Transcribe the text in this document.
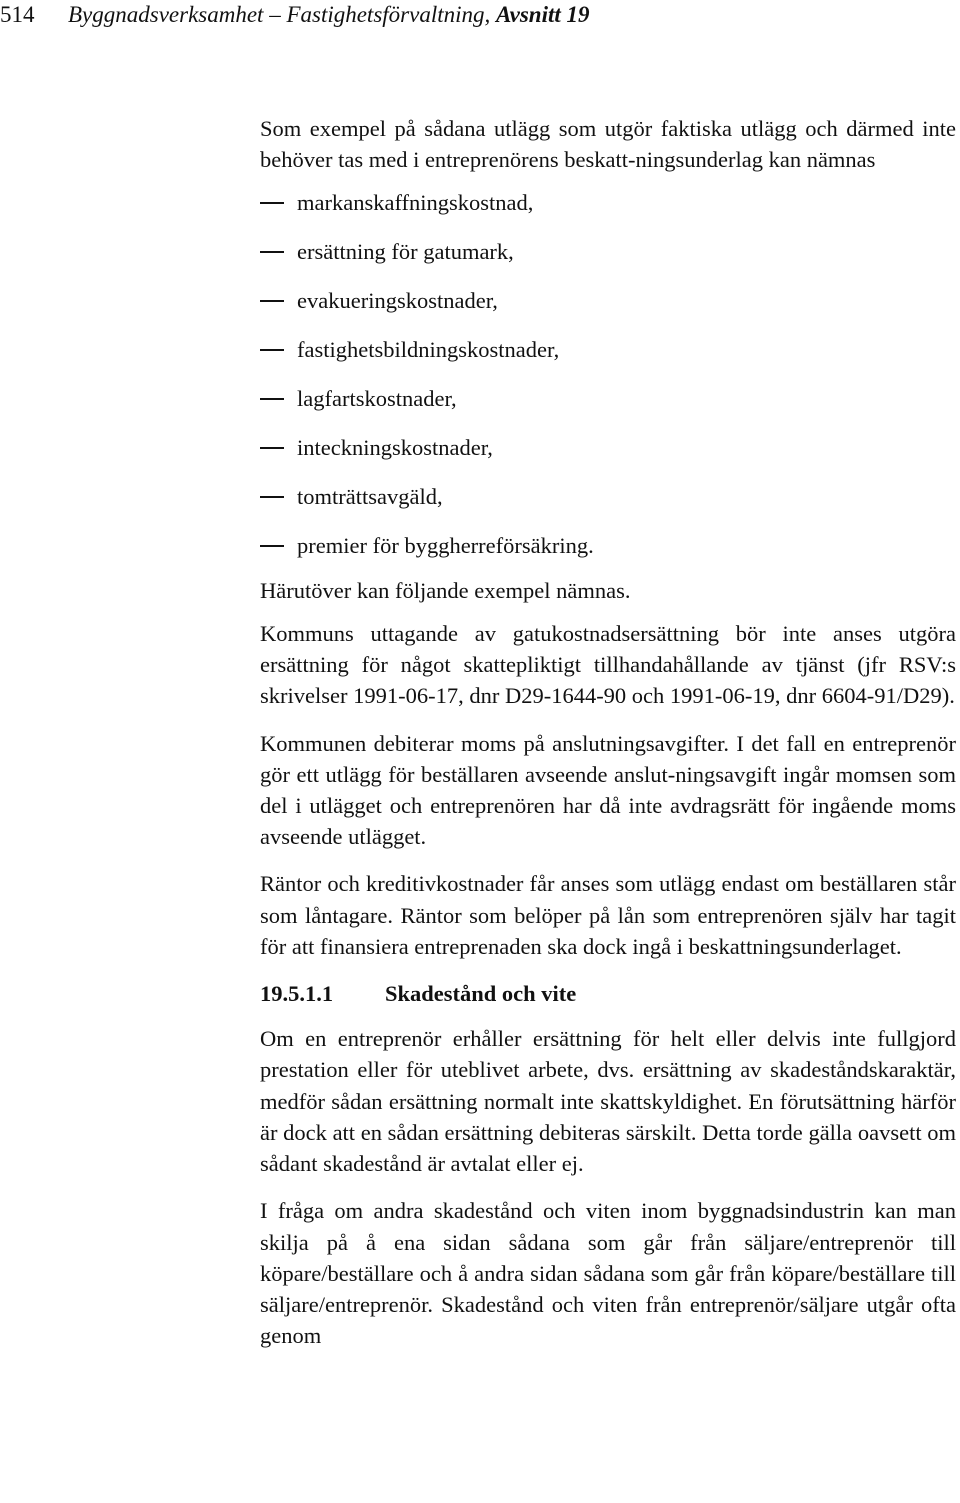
514 Byggnadsverksamhet – Fastighetsförvaltning, Avsnitt 19

Som exempel på sådana utlägg som utgör faktiska utlägg och därmed inte behöver tas med i entreprenörens beskatt-ningsunderlag kan nämnas

markanskaffningskostnad,
ersättning för gatumark,
evakueringskostnader,
fastighetsbildningskostnader,
lagfartskostnader,
inteckningskostnader,
tomträttsavgäld,
premier för byggherreförsäkring.

Härutöver kan följande exempel nämnas.

Kommuns uttagande av gatukostnadsersättning bör inte anses utgöra ersättning för något skattepliktigt tillhandahållande av tjänst (jfr RSV:s skrivelser 1991-06-17, dnr D29-1644-90 och 1991-06-19, dnr 6604-91/D29).

Kommunen debiterar moms på anslutningsavgifter. I det fall en entreprenör gör ett utlägg för beställaren avseende anslut-ningsavgift ingår momsen som del i utlägget och entreprenören har då inte avdragsrätt för ingående moms avseende utlägget.

Räntor och kreditivkostnader får anses som utlägg endast om beställaren står som låntagare. Räntor som belöper på lån som entreprenören själv har tagit för att finansiera entreprenaden ska dock ingå i beskattningsunderlaget.

19.5.1.1 Skadestånd och vite

Om en entreprenör erhåller ersättning för helt eller delvis inte fullgjord prestation eller för uteblivet arbete, dvs. ersättning av skadeståndskaraktär, medför sådan ersättning normalt inte skattskyldighet. En förutsättning härför är dock att en sådan ersättning debiteras särskilt. Detta torde gälla oavsett om sådant skadestånd är avtalat eller ej.

I fråga om andra skadestånd och viten inom byggnadsindustrin kan man skilja på å ena sidan sådana som går från säljare/entreprenör till köpare/beställare och å andra sidan sådana som går från köpare/beställare till säljare/entreprenör. Skadestånd och viten från entreprenör/säljare utgår ofta genom
